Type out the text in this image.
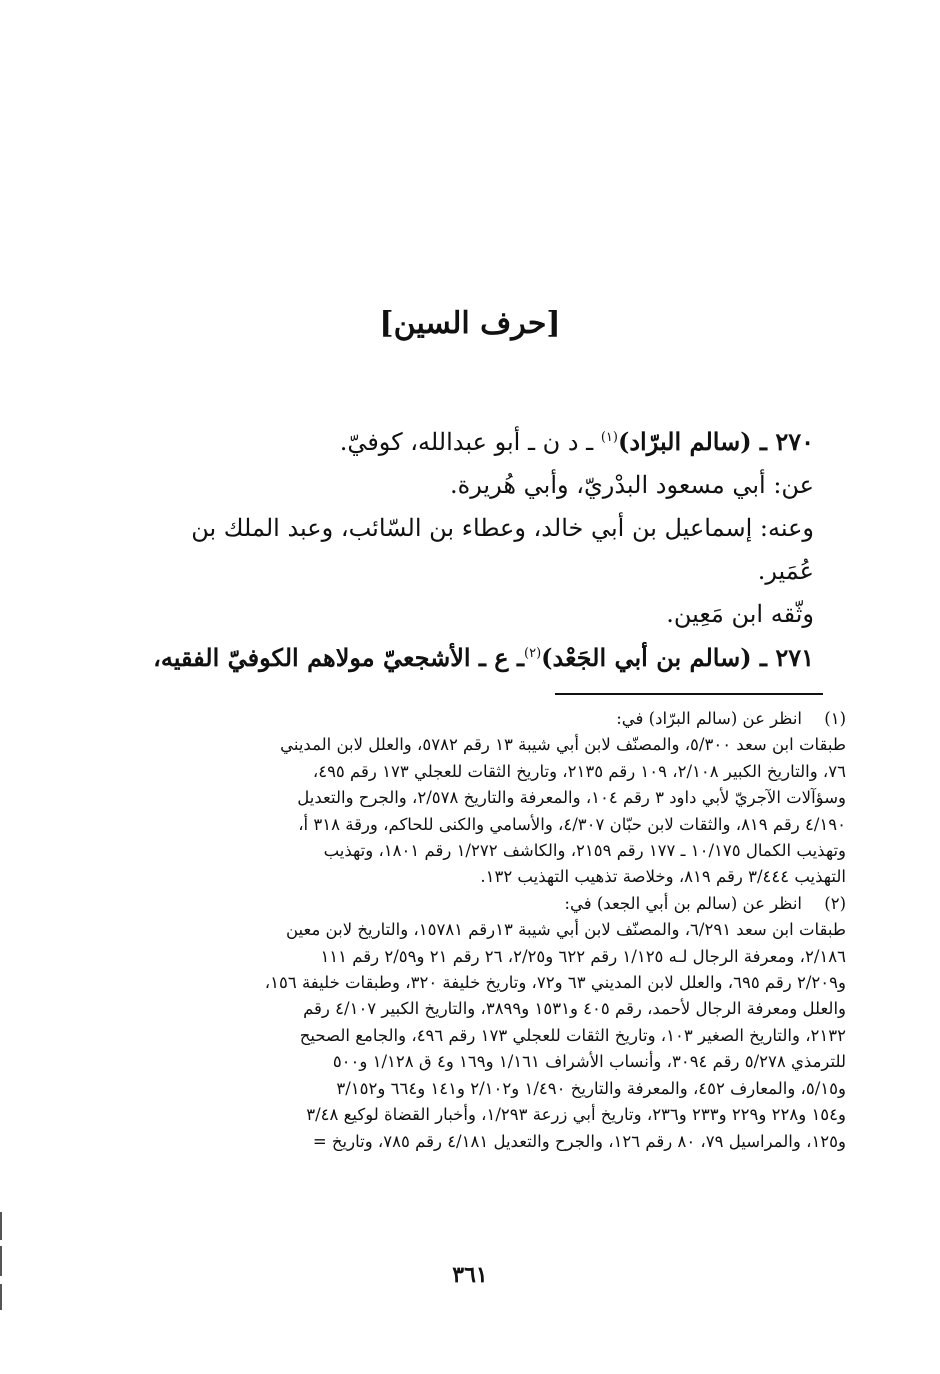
[حرف السين]
٢٧٠ ـ (سالم البرّاد)$^{(١)}$ ـ د ن ـ أبو عبدالله، كوفيّ.
عن: أبي مسعود البدْريّ، وأبي هُريرة.
وعنه: إسماعيل بن أبي خالد، وعطاء بن السّائب، وعبد الملك بن
عُمَير.
وثّقه ابن مَعِين.
٢٧١ ـ (سالم بن أبي الجَعْد)$^{(٢)}$ـ ع ـ الأشجعيّ مولاهم الكوفيّ الفقيه،
(١)
انظر عن (سالم البرّاد) في:
طبقات ابن سعد ٥/٣٠٠، والمصنّف لابن أبي شيبة ١٣ رقم ٥٧٨٢، والعلل لابن المديني
٧٦، والتاريخ الكبير ٢/١٠٨، ١٠٩ رقم ٢١٣٥، وتاريخ الثقات للعجلي ١٧٣ رقم ٤٩٥،
وسؤآلات الآجريّ لأبي داود ٣ رقم ١٠٤، والمعرفة والتاريخ ٢/٥٧٨، والجرح والتعديل
٤/١٩٠ رقم ٨١٩، والثقات لابن حبّان ٤/٣٠٧، والأسامي والكنى للحاكم، ورقة ٣١٨ أ،
وتهذيب الكمال ١٠/١٧٥ ـ ١٧٧ رقم ٢١٥٩، والكاشف ١/٢٧٢ رقم ١٨٠١، وتهذيب
التهذيب ٣/٤٤٤ رقم ٨١٩، وخلاصة تذهيب التهذيب ١٣٢.
(٢)
انظر عن (سالم بن أبي الجعد) في:
طبقات ابن سعد ٦/٢٩١، والمصنّف لابن أبي شيبة ١٣رقم ١٥٧٨١، والتاريخ لابن معين
٢/١٨٦، ومعرفة الرجال لـه ١/١٢٥ رقم ٦٢٢ و٢/٢٥، ٢٦ رقم ٢١ و٢/٥٩ رقم ١١١
و٢/٢٠٩ رقم ٦٩٥، والعلل لابن المديني ٦٣ و٧٢، وتاريخ خليفة ٣٢٠، وطبقات خليفة ١٥٦،
والعلل ومعرفة الرجال لأحمد، رقم ٤٠٥ و١٥٣١ و٣٨٩٩، والتاريخ الكبير ٤/١٠٧ رقم
٢١٣٢، والتاريخ الصغير ١٠٣، وتاريخ الثقات للعجلي ١٧٣ رقم ٤٩٦، والجامع الصحيح
للترمذي ٥/٢٧٨ رقم ٣٠٩٤، وأنساب الأشراف ١/١٦١ و١٦٩ و٤ ق ١/١٢٨ و٥٠٠
و٥/١٥، والمعارف ٤٥٢، والمعرفة والتاريخ ١/٤٩٠ و٢/١٠٢ و١٤١ و٦٦٤ و٣/١٥٢
و١٥٤ و٢٢٨ و٢٢٩ و٢٣٣ و٢٣٦، وتاريخ أبي زرعة ١/٢٩٣، وأخبار القضاة لوكيع ٣/٤٨
و١٢٥، والمراسيل ٧٩، ٨٠ رقم ١٢٦، والجرح والتعديل ٤/١٨١ رقم ٧٨٥، وتاريخ =
٣٦١
